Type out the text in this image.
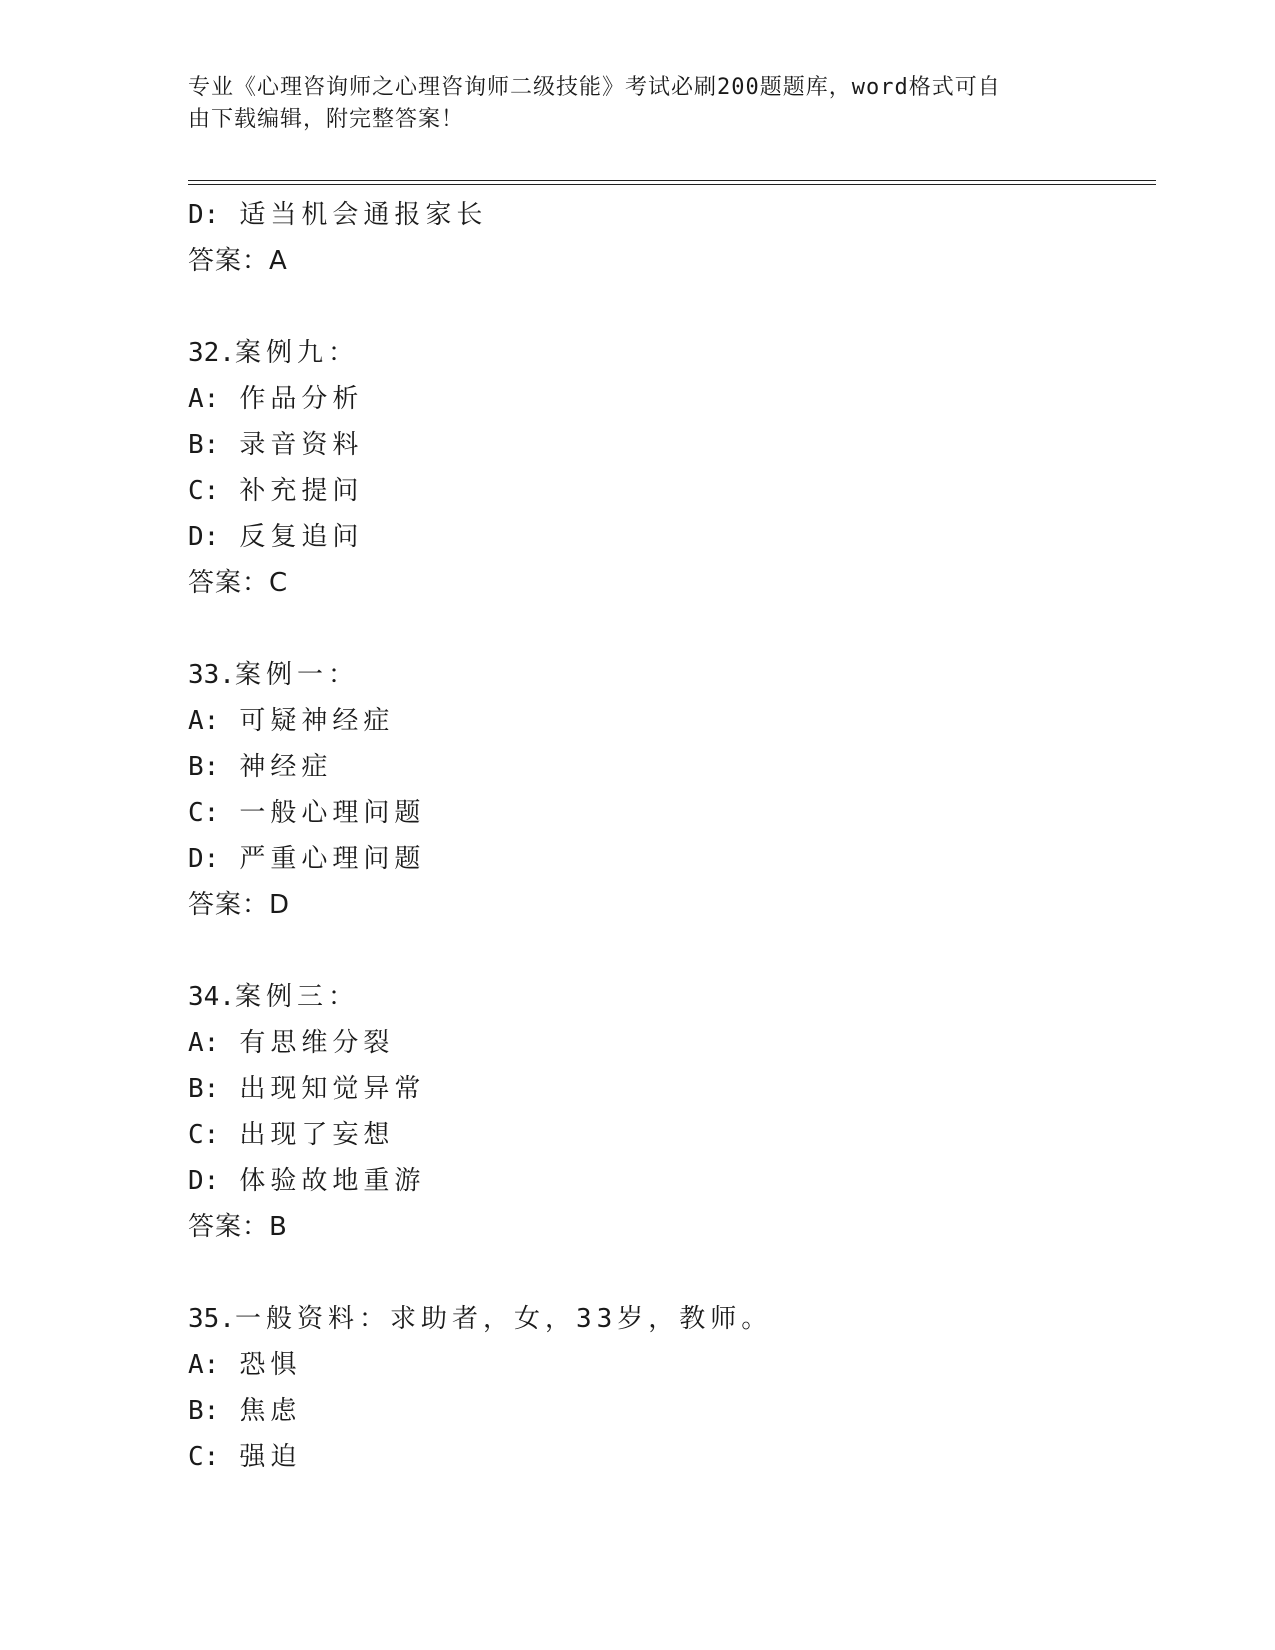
专业《心理咨询师之心理咨询师二级技能》考试必刷200题题库，word格式可自
由下载编辑，附完整答案！
D: 适当机会通报家长
答案：A
32.案例九：
A: 作品分析
B: 录音资料
C: 补充提问
D: 反复追问
答案：C
33.案例一：
A: 可疑神经症
B: 神经症
C: 一般心理问题
D: 严重心理问题
答案：D
34.案例三：
A: 有思维分裂
B: 出现知觉异常
C: 出现了妄想
D: 体验故地重游
答案：B
35.一般资料：求助者，女，33岁，教师。
A: 恐惧
B: 焦虑
C: 强迫
